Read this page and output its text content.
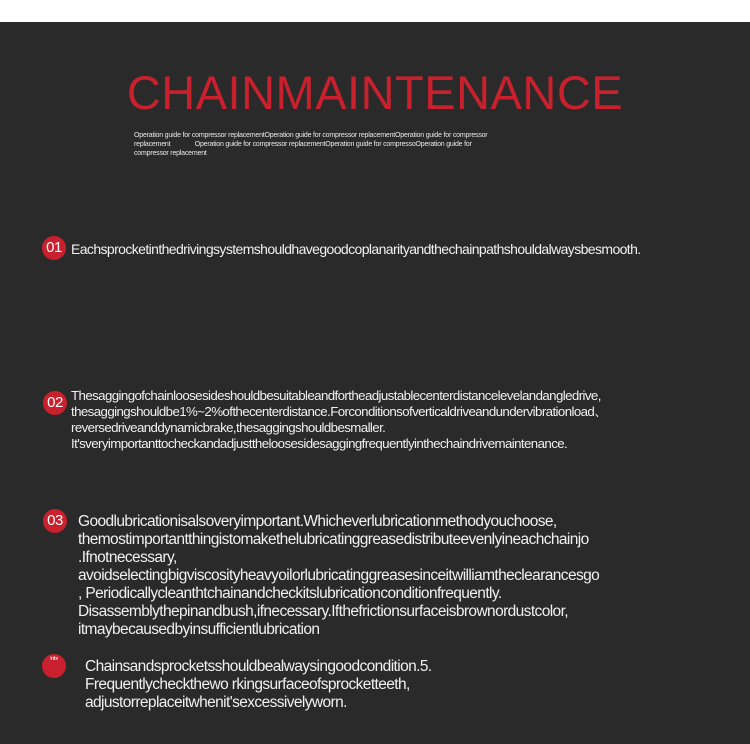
CHAINMAINTENANCE
Operation guide for compressor replacementOperation guide for compressor replacementOperation guide for compressor
replacement              Operation guide for compressor replacementOperation guide for compressoOperation guide for
compressor replacement
01 Eachsprocketinthedrivingsystemshouldhavegoodcoplanarityandthechainpathshouldalwaysbesmooth.
02 Thesaggingofchainloosesideshouldbesuitableandfortheadjustablecenterdistancelevelandangledrive,
thesaggingshouldbe1%~2%ofthecenterdistance.Forconditionsofverticaldriveandundervibrationload、
reversedriveanddynamicbrake,thesaggingshouldbesmaller.
It'sveryimportanttocheckandadjusttheloosesidesaggingfrequentlyinthechaindrivemaintenance.
03 Goodlubricationisalsoveryimportant.Whicheverlubricationmethodyouchoose,
themostimportantthingistomakethelubricatinggreasedistributeevenlyineachchainjo
.Ifnotnecessary,
avoidselectingbigviscosityheavyoilorlubricatinggreasesinceitwilliamtheclearancesgo
, Periodicallycleanthtchainandcheckitslubricationconditionfrequently.
Disassemblythepinandbush,ifnecessary.Ifthefrictionsurfaceisbrownordustcolor,
itmaybecausedbyinsufficientlubrication
Infor	Chainsandsprocketsshouldbealwaysingoodcondition.5.
Frequentlycheckthewo rkingsurfaceofsprocketteeth,
adjustorreplaceitwhenit'sexcessivelyworn.
